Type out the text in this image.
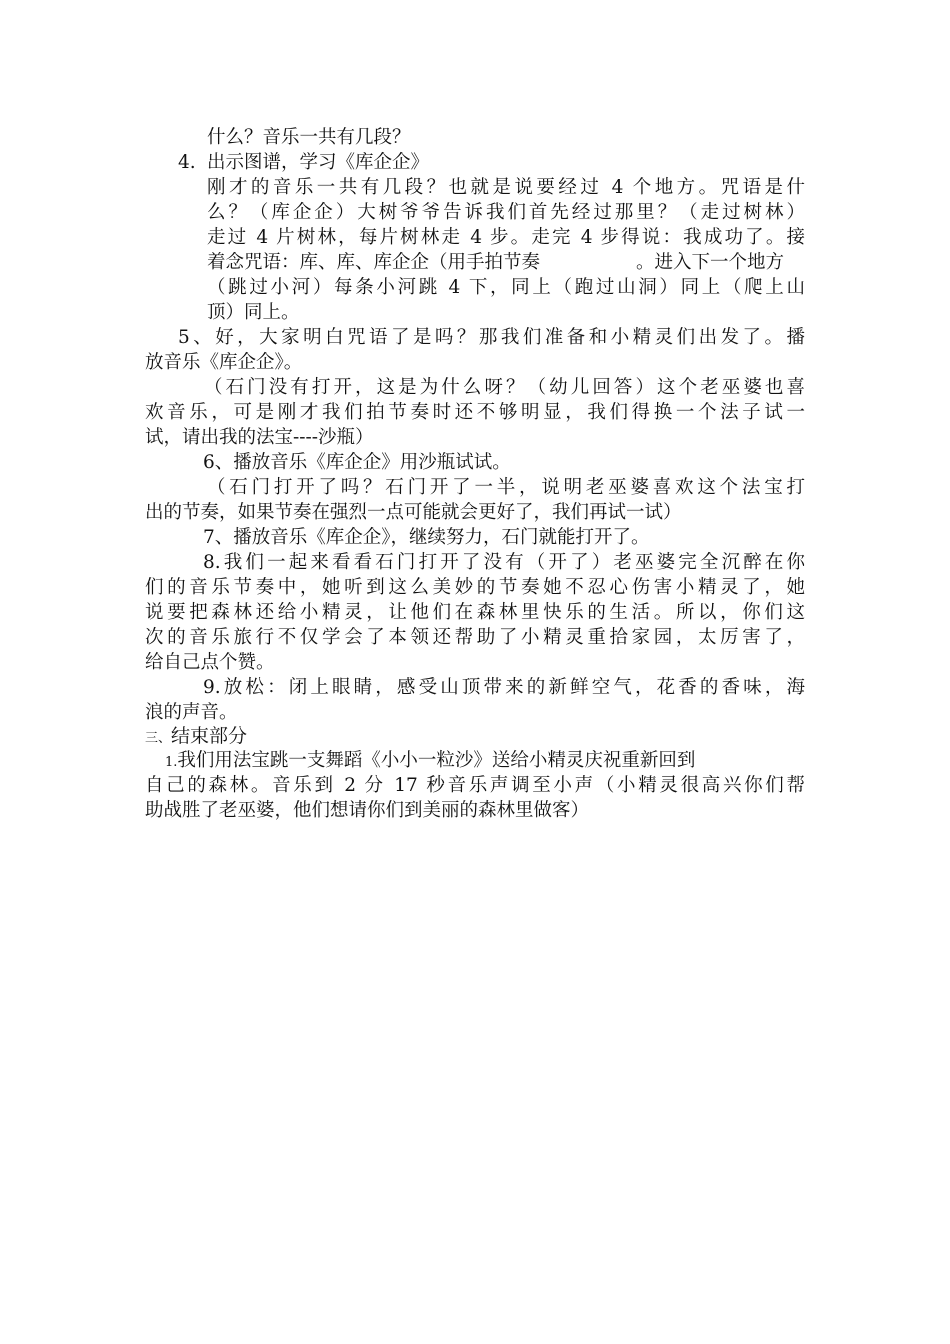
什么？音乐一共有几段？
4. 出示图谱，学习《库企企》
刚才的音乐一共有几段？也就是说要经过 4 个地方。咒语是什
么？（库企企）大树爷爷告诉我们首先经过那里？（走过树林）
走过 4 片树林，每片树林走 4 步。走完 4 步得说：我成功了。接
着念咒语：库、库、库企企（用手拍节奏	。进入下一个地方
（跳过小河）每条小河跳 4 下，同上（跑过山洞）同上（爬上山
顶）同上。
5、好，大家明白咒语了是吗？那我们准备和小精灵们出发了。播
放音乐《库企企》。
（石门没有打开，这是为什么呀？（幼儿回答）这个老巫婆也喜
欢音乐，可是刚才我们拍节奏时还不够明显，我们得换一个法子试一
试，请出我的法宝----沙瓶）
6、播放音乐《库企企》用沙瓶试试。
（石门打开了吗？石门开了一半，说明老巫婆喜欢这个法宝打
出的节奏，如果节奏在强烈一点可能就会更好了，我们再试一试）
7、播放音乐《库企企》，继续努力，石门就能打开了。
8.我们一起来看看石门打开了没有（开了）老巫婆完全沉醉在你
们的音乐节奏中，她听到这么美妙的节奏她不忍心伤害小精灵了，她
说要把森林还给小精灵，让他们在森林里快乐的生活。所以，你们这
次的音乐旅行不仅学会了本领还帮助了小精灵重拾家园，太厉害了，
给自己点个赞。
9.放松：闭上眼睛，感受山顶带来的新鲜空气，花香的香味，海
浪的声音。
三、结束部分
1.我们用法宝跳一支舞蹈《小小一粒沙》送给小精灵庆祝重新回到
自己的森林。音乐到 2 分 17 秒音乐声调至小声（小精灵很高兴你们帮
助战胜了老巫婆，他们想请你们到美丽的森林里做客）
